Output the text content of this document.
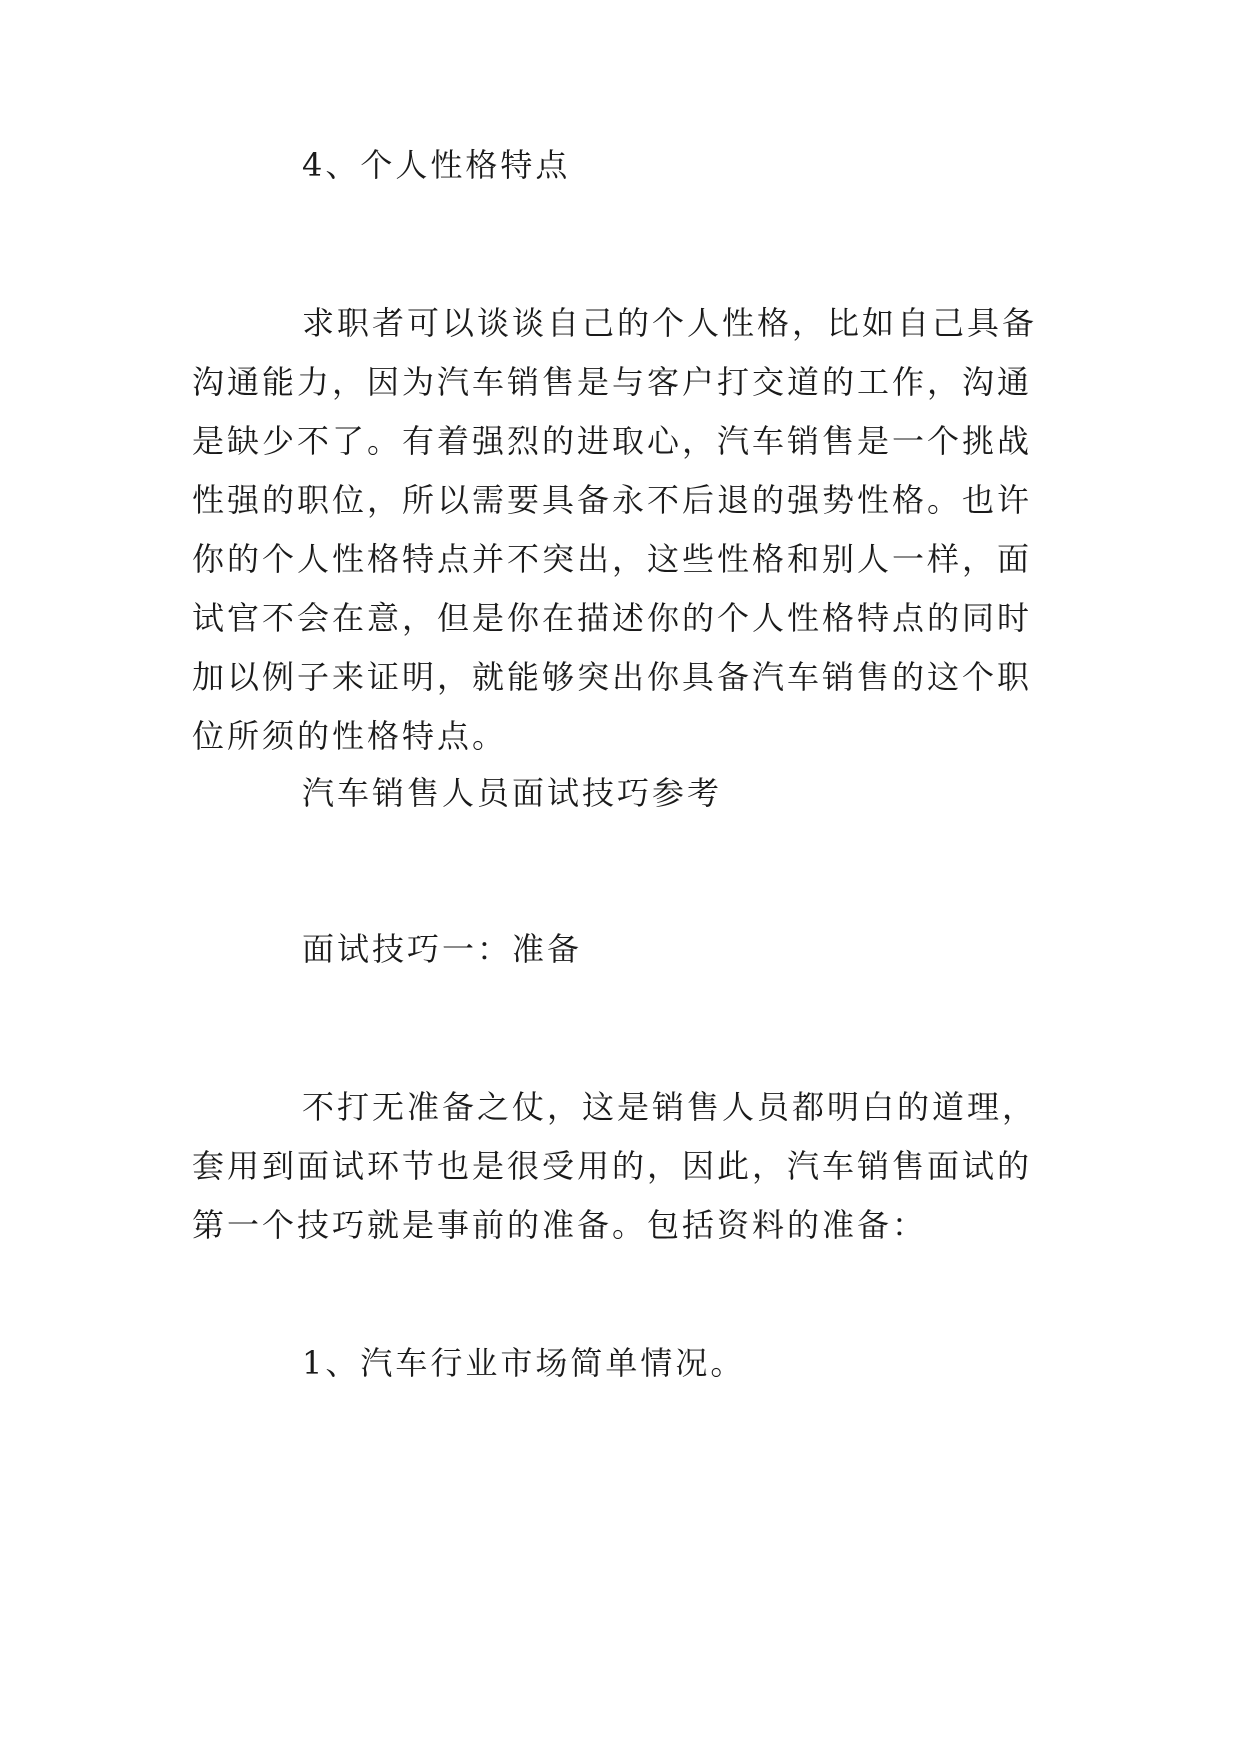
4、个人性格特点

求职者可以谈谈自己的个人性格，比如自己具备沟通能力，因为汽车销售是与客户打交道的工作，沟通是缺少不了。有着强烈的进取心，汽车销售是一个挑战性强的职位，所以需要具备永不后退的强势性格。也许你的个人性格特点并不突出，这些性格和别人一样，面试官不会在意，但是你在描述你的个人性格特点的同时加以例子来证明，就能够突出你具备汽车销售的这个职位所须的性格特点。

汽车销售人员面试技巧参考

面试技巧一：准备

不打无准备之仗，这是销售人员都明白的道理，套用到面试环节也是很受用的，因此，汽车销售面试的第一个技巧就是事前的准备。包括资料的准备：

1、汽车行业市场简单情况。
